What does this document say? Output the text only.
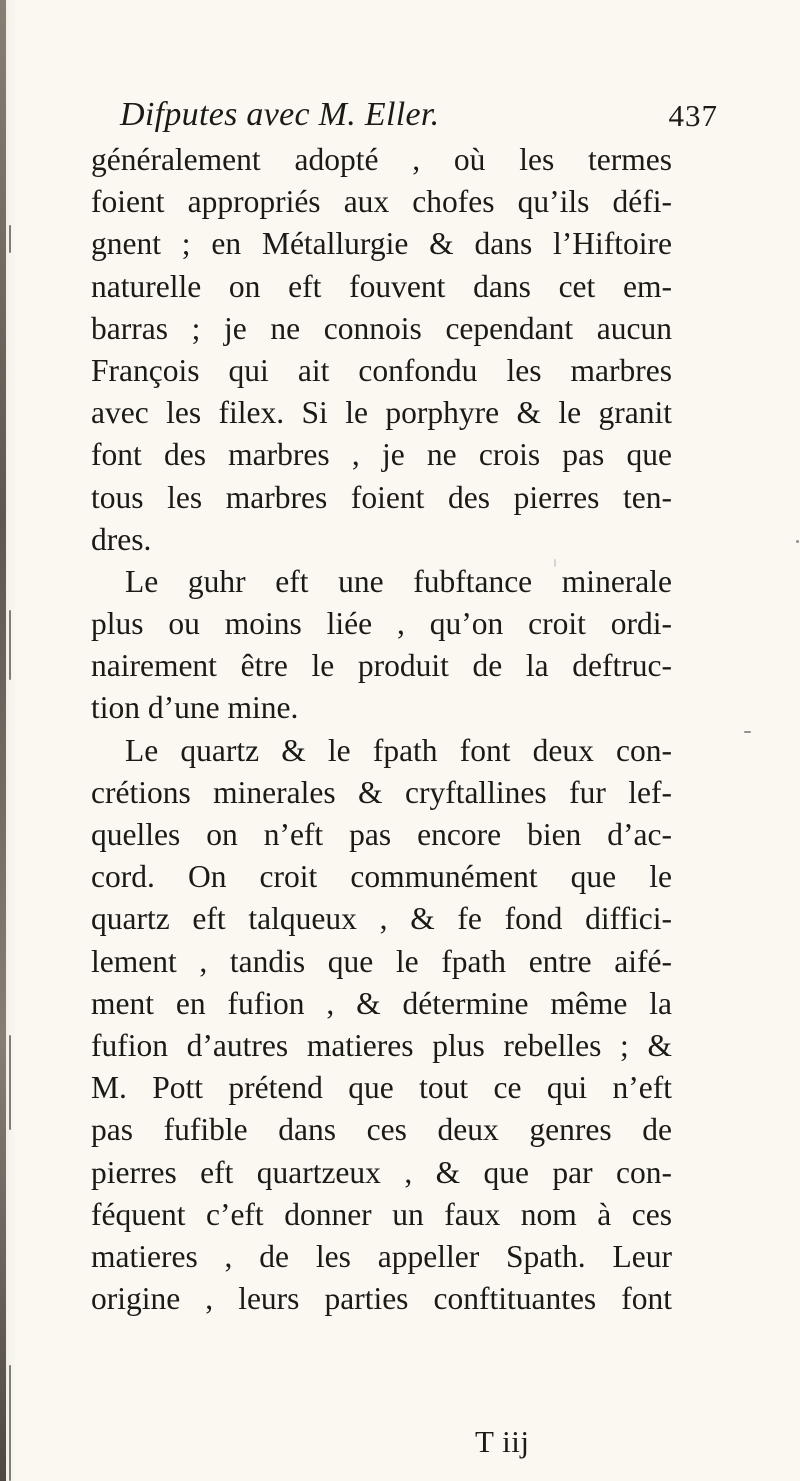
Difputes avec M. Eller.	437
généralement adopté , où les termes
foient appropriés aux chofes qu’ils défi-
gnent ; en Métallurgie & dans l’Hiftoire
naturelle on eft fouvent dans cet em-
barras ; je ne connois cependant aucun
François qui ait confondu les marbres
avec les filex. Si le porphyre & le granit
font des marbres , je ne crois pas que
tous les marbres foient des pierres ten-
dres.
Le guhr eft une fubftance minerale
plus ou moins liée , qu’on croit ordi-
nairement être le produit de la deftruc-
tion d’une mine.
Le quartz & le fpath font deux con-
crétions minerales & cryftallines fur lef-
quelles on n’eft pas encore bien d’ac-
cord. On croit communément que le
quartz eft talqueux , & fe fond diffici-
lement , tandis que le fpath entre aifé-
ment en fufion , & détermine même la
fufion d’autres matieres plus rebelles ; &
M. Pott prétend que tout ce qui n’eft
pas fufible dans ces deux genres de
pierres eft quartzeux , & que par con-
féquent c’eft donner un faux nom à ces
matieres , de les appeller Spath. Leur
origine , leurs parties conftituantes font
T iij
